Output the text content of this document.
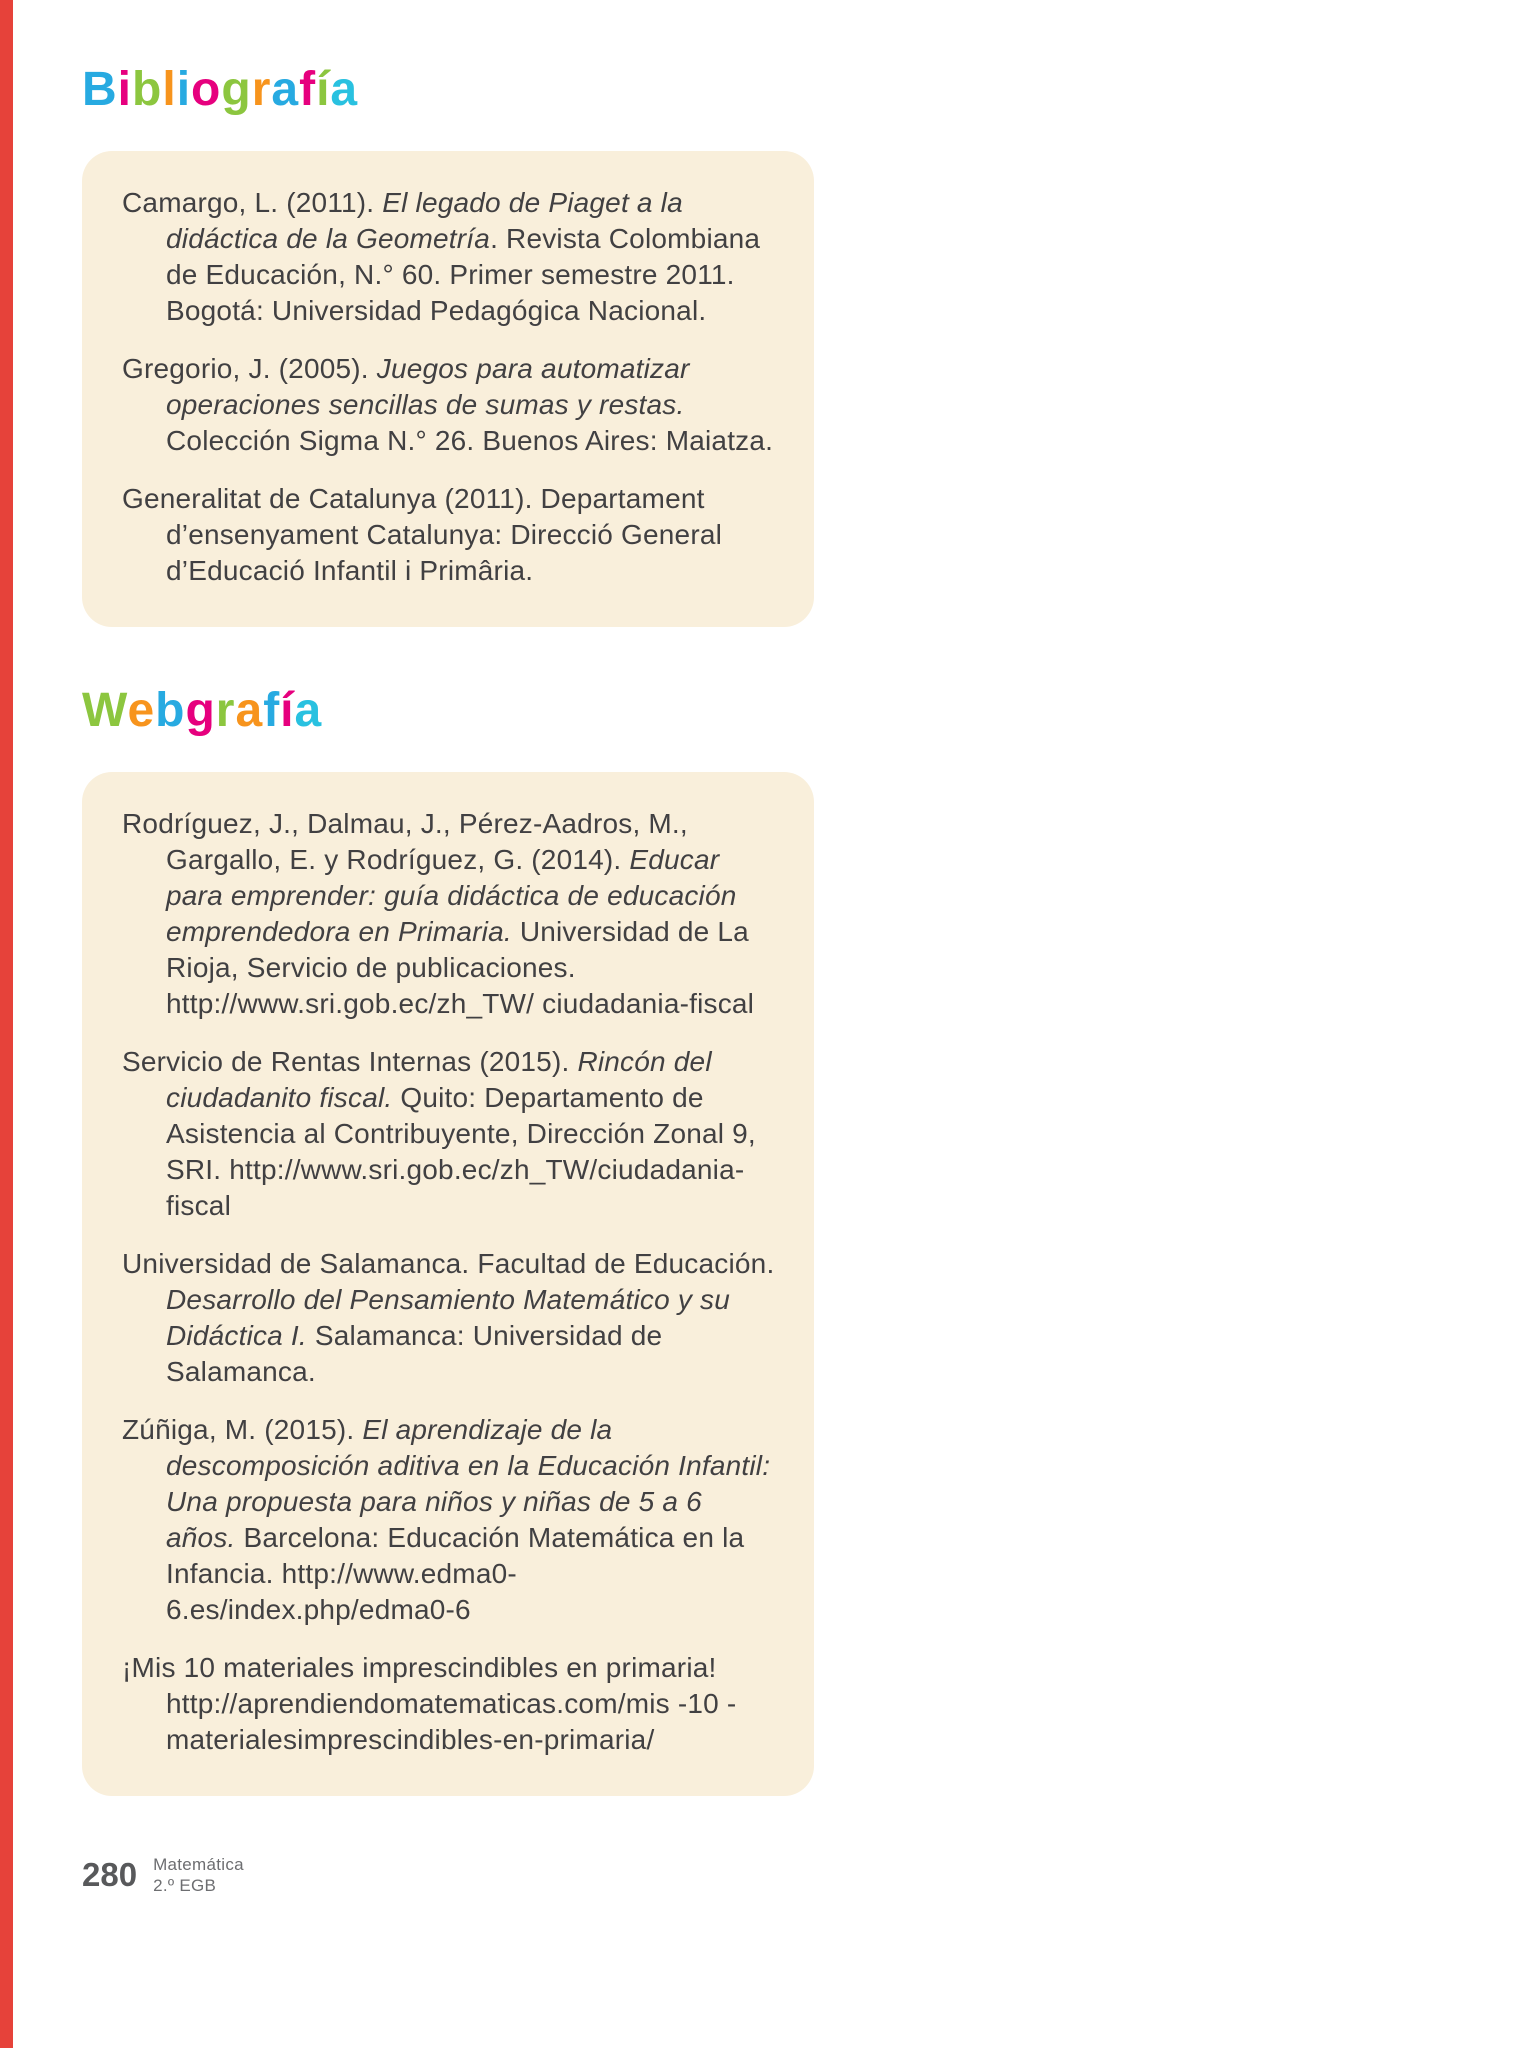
Bibliografía

Camargo, L. (2011). El legado de Piaget a la didáctica de la Geometría. Revista Colombiana de Educación, N.° 60. Primer semestre 2011. Bogotá: Universidad Pedagógica Nacional.

Gregorio, J. (2005). Juegos para automatizar operaciones sencillas de sumas y restas. Colección Sigma N.° 26. Buenos Aires: Maiatza.

Generalitat de Catalunya (2011). Departament d’ensenyament Catalunya: Direcció General d’Educació Infantil i Primâria.

Webgrafía

Rodríguez, J., Dalmau, J., Pérez-Aadros, M., Gargallo, E. y Rodríguez, G. (2014). Educar para emprender: guía didáctica de educación emprendedora en Primaria. Universidad de La Rioja, Servicio de publicaciones. http://www.sri.gob.ec/zh_TW/ ciudadania-fiscal

Servicio de Rentas Internas (2015). Rincón del ciudadanito fiscal. Quito: Departamento de Asistencia al Contribuyente, Dirección Zonal 9, SRI. http://www.sri.gob.ec/zh_TW/ciudadania-fiscal

Universidad de Salamanca. Facultad de Educación. Desarrollo del Pensamiento Matemático y su Didáctica I. Salamanca: Universidad de Salamanca.

Zúñiga, M. (2015). El aprendizaje de la descomposición aditiva en la Educación Infantil: Una propuesta para niños y niñas de 5 a 6 años. Barcelona: Educación Matemática en la Infancia. http://www.edma0-6.es/index.php/edma0-6

¡Mis 10 materiales imprescindibles en primaria! http://aprendiendomatematicas.com/mis -10 -materialesimprescindibles-en-primaria/

280 Matemática
2.º EGB
